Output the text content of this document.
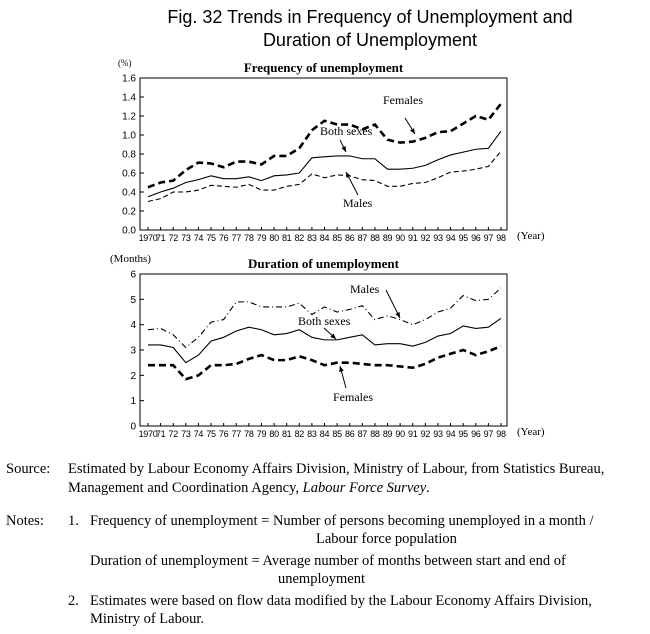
Fig. 32 Trends in Frequency of Unemployment and
Duration of Unemployment
Frequency of unemployment
(%)
(Year)
0.0
0.2
0.4
0.6
0.8
1.0
1.2
1.4
1.6
1970
71 72 73 74 75 76 77 78 79 80 81 82 83 84 85 86 87 88 89 90 91 92 93 94 95 96 97 98
Females
Both sexes
Males
Duration of unemployment
(Months)
(Year)
0
1
2
3
4
5
6
1970
71 72 73 74 75 76 77 78 79 80 81 82 83 84 85 86 87 88 89 90 91 92 93 94 95 96 97 98
Males
Both sexes
Females
Source: Estimated by Labour Economy Affairs Division, Ministry of Labour, from Statistics Bureau, Management and Coordination Agency, Labour Force Survey.
Notes: 1. Frequency of unemployment = Number of persons becoming unemployed in a month /
Labour force population
Duration of unemployment = Average number of months between start and end of
unemployment
2. Estimates were based on flow data modified by the Labour Economy Affairs Division,
Ministry of Labour.
